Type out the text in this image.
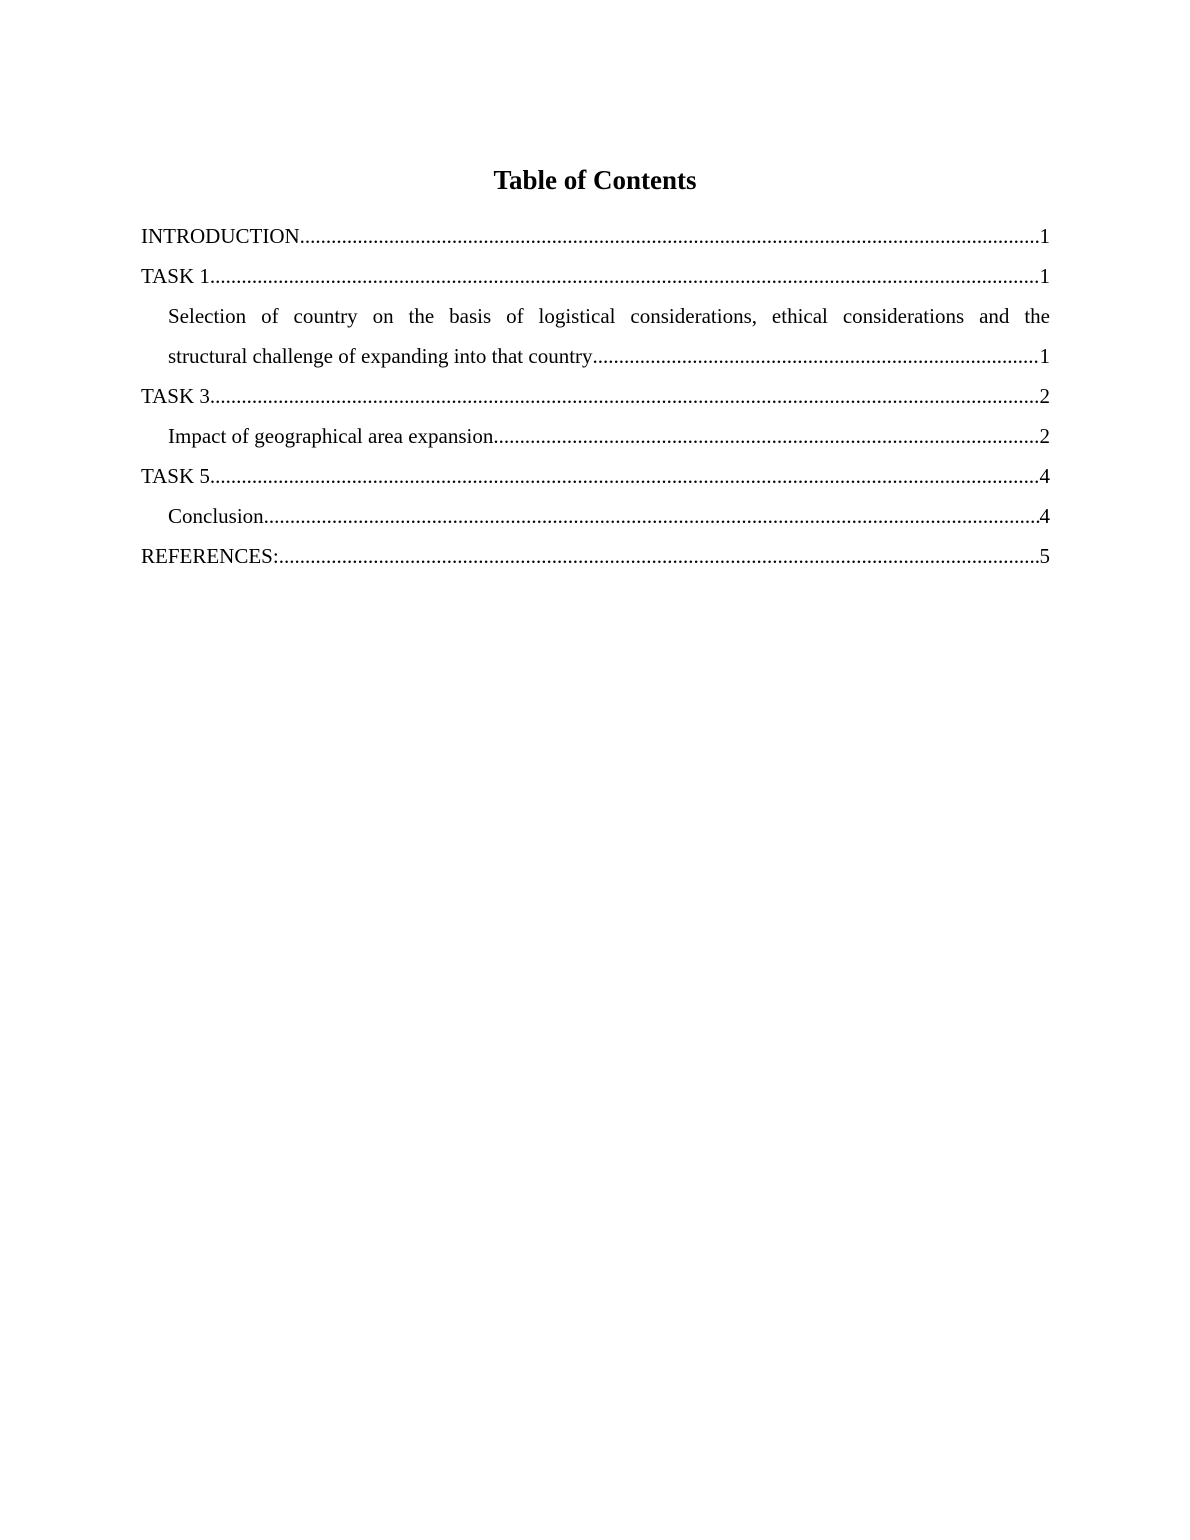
Table of Contents
INTRODUCTION .....	1
TASK 1 .....	1
Selection of country on the basis of logistical considerations, ethical considerations and the
structural challenge of expanding into that country .....	1
TASK 3 .....	2
Impact of geographical area expansion .....	2
TASK 5 .....	4
Conclusion .....	4
REFERENCES: .....	5
